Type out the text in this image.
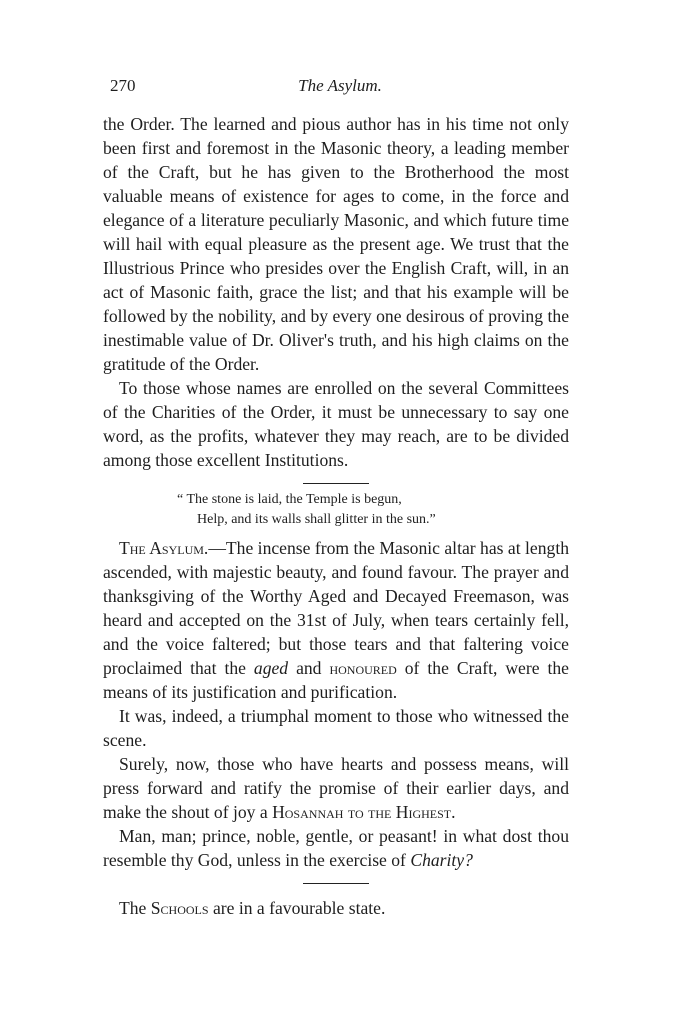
270	The Asylum.

the Order. The learned and pious author has in his time not only been first and foremost in the Masonic theory, a leading member of the Craft, but he has given to the Brotherhood the most valuable means of existence for ages to come, in the force and elegance of a literature peculiarly Masonic, and which future time will hail with equal pleasure as the present age. We trust that the Illustrious Prince who presides over the English Craft, will, in an act of Masonic faith, grace the list; and that his example will be followed by the nobility, and by every one desirous of proving the inestimable value of Dr. Oliver's truth, and his high claims on the gratitude of the Order.

To those whose names are enrolled on the several Committees of the Charities of the Order, it must be unnecessary to say one word, as the profits, whatever they may reach, are to be divided among those excellent Institutions.

“ The stone is laid, the Temple is begun,
Help, and its walls shall glitter in the sun.”

The Asylum.—The incense from the Masonic altar has at length ascended, with majestic beauty, and found favour. The prayer and thanksgiving of the Worthy Aged and Decayed Freemason, was heard and accepted on the 31st of July, when tears certainly fell, and the voice faltered; but those tears and that faltering voice proclaimed that the aged and honoured of the Craft, were the means of its justification and purification.

It was, indeed, a triumphal moment to those who witnessed the scene.

Surely, now, those who have hearts and possess means, will press forward and ratify the promise of their earlier days, and make the shout of joy a Hosannah to the Highest.

Man, man; prince, noble, gentle, or peasant! in what dost thou resemble thy God, unless in the exercise of Charity?

The Schools are in a favourable state.
